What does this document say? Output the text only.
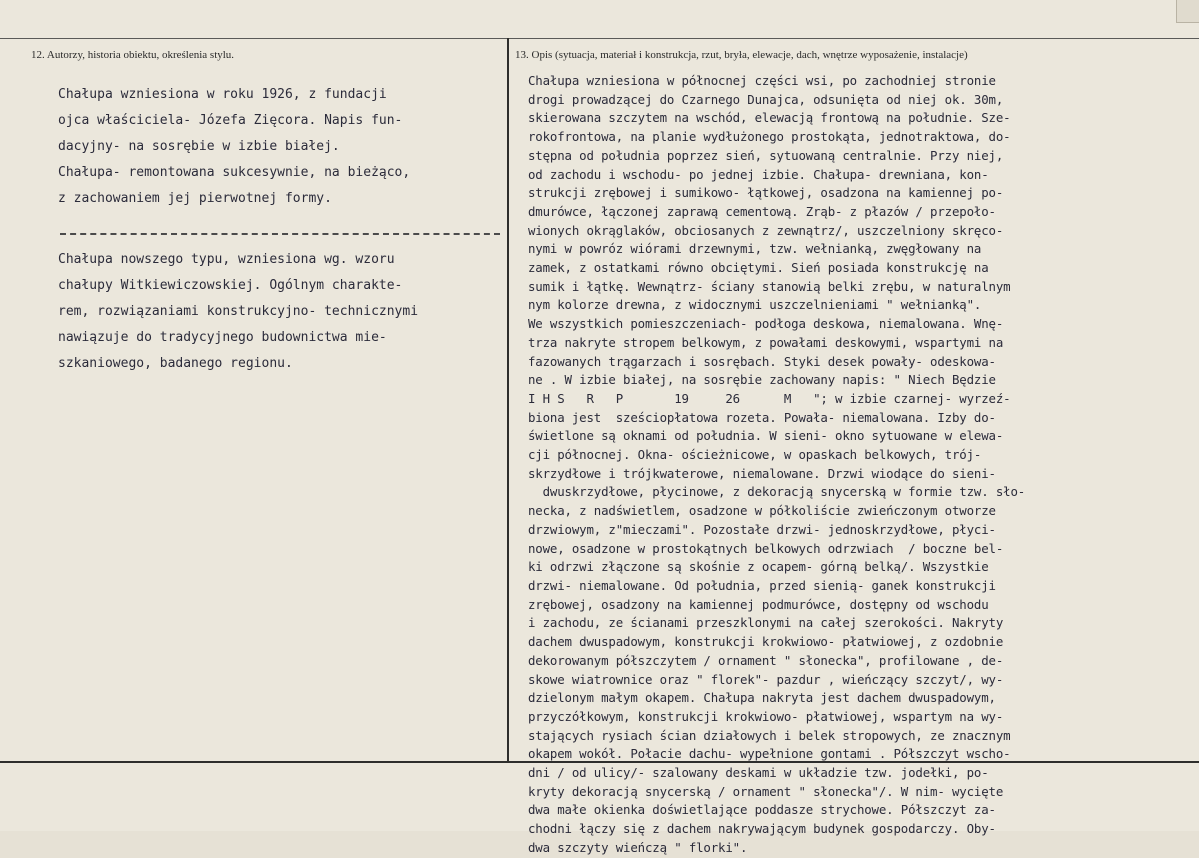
12. Autorzy, historia obiektu, określenia stylu.	13. Opis (sytuacja, materiał i konstrukcja, rzut, bryła, elewacje, dach, wnętrze wyposażenie, instalacje)
Chałupa wzniesiona w roku 1926, z fundacji
ojca właściciela- Józefa Zięcora. Napis fun-
dacyjny- na sosrębie w izbie białej.
Chałupa- remontowana sukcesywnie, na bieżąco,
z zachowaniem jej pierwotnej formy.
Chałupa nowszego typu, wzniesiona wg. wzoru
chałupy Witkiewiczowskiej. Ogólnym charakte-
rem, rozwiązaniami konstrukcyjno- technicznymi
nawiązuje do tradycyjnego budownictwa mie-
szkaniowego, badanego regionu.
Chałupa wzniesiona w północnej części wsi, po zachodniej stronie
drogi prowadzącej do Czarnego Dunajca, odsunięta od niej ok. 30m,
skierowana szczytem na wschód, elewacją frontową na południe. Sze-
rokofrontowa, na planie wydłużonego prostokąta, jednotraktowa, do-
stępna od południa poprzez sień, sytuowaną centralnie. Przy niej,
od zachodu i wschodu- po jednej izbie. Chałupa- drewniana, kon-
strukcji zrębowej i sumikowo- łątkowej, osadzona na kamiennej po-
dmurówce, łączonej zaprawą cementową. Zrąb- z płazów / przepoło-
wionych okrąglaków, obciosanych z zewnątrz/, uszczelniony skręco-
nymi w powróz wiórami drzewnymi, tzw. wełnianką, zwęgłowany na
zamek, z ostatkami równo obciętymi. Sień posiada konstrukcję na
sumik i łątkę. Wewnątrz- ściany stanowią belki zrębu, w naturalnym
nym kolorze drewna, z widocznymi uszczelnieniami " wełnianką".
We wszystkich pomieszczeniach- podłoga deskowa, niemalowana. Wnę-
trza nakryte stropem belkowym, z powałami deskowymi, wspartymi na
fazowanych trągarzach i sosrębach. Styki desek powały- odeskowa-
ne . W izbie białej, na sosrębie zachowany napis: " Niech Będzie
I H S   R   P       19     26      M   "; w izbie czarnej- wyrzeź-
biona jest  sześciopłatowa rozeta. Powała- niemalowana. Izby do-
świetlone są oknami od południa. W sieni- okno sytuowane w elewa-
cji północnej. Okna- ościeżnicowe, w opaskach belkowych, trój-
skrzydłowe i trójkwaterowe, niemalowane. Drzwi wiodące do sieni-
dwuskrzydłowe, płycinowe, z dekoracją snycerską w formie tzw. sło-
necka, z nadświetlem, osadzone w półkoliście zwieńczonym otworze
drzwiowym, z"mieczami". Pozostałe drzwi- jednoskrzydłowe, płyci-
nowe, osadzone w prostokątnych belkowych odrzwiach  / boczne bel-
ki odrzwi złączone są skośnie z ocapem- górną belką/. Wszystkie
drzwi- niemalowane. Od południa, przed sienią- ganek konstrukcji
zrębowej, osadzony na kamiennej podmurówce, dostępny od wschodu
i zachodu, ze ścianami przeszklonymi na całej szerokości. Nakryty
dachem dwuspadowym, konstrukcji krokwiowo- płatwiowej, z ozdobnie
dekorowanym półszczytem / ornament " słonecka", profilowane , de-
skowe wiatrownice oraz " florek"- pazdur , wieńczący szczyt/, wy-
dzielonym małym okapem. Chałupa nakryta jest dachem dwuspadowym,
przyczółkowym, konstrukcji krokwiowo- płatwiowej, wspartym na wy-
stających rysiach ścian działowych i belek stropowych, ze znacznym
okapem wokół. Połacie dachu- wypełnione gontami . Półszczyt wscho-
dni / od ulicy/- szalowany deskami w układzie tzw. jodełki, po-
kryty dekoracją snycerską / ornament " słonecka"/. W nim- wycięte
dwa małe okienka doświetlające poddasze strychowe. Półszczyt za-
chodni łączy się z dachem nakrywającym budynek gospodarczy. Oby-
dwa szczyty wieńczą " florki".
